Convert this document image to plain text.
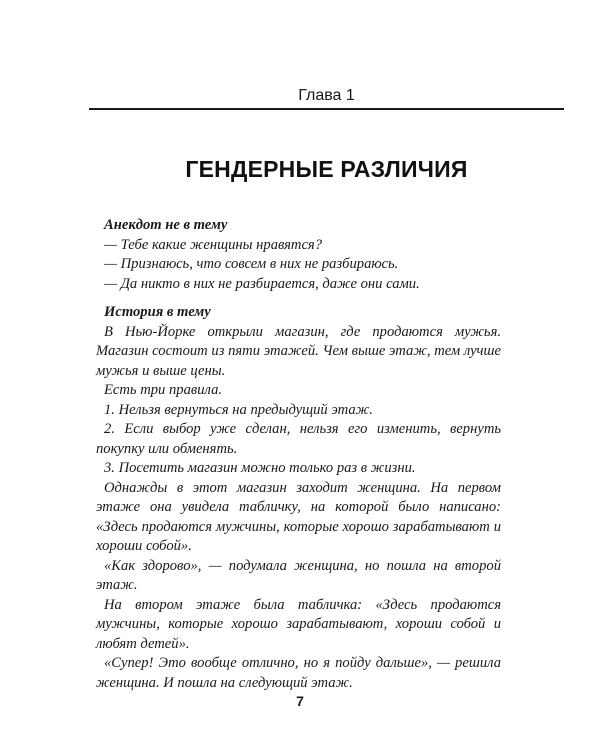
Глава 1
ГЕНДЕРНЫЕ РАЗЛИЧИЯ

Анекдот не в тему

— Тебе какие женщины нравятся?

— Признаюсь, что совсем в них не разбираюсь.

— Да никто в них не разбирается, даже они сами.

История в тему

В Нью-Йорке открыли магазин, где продаются мужья. Магазин состоит из пяти этажей. Чем выше этаж, тем лучше мужья и выше цены.

Есть три правила.

1. Нельзя вернуться на предыдущий этаж.

2. Если выбор уже сделан, нельзя его изменить, вернуть покупку или обменять.

3. Посетить магазин можно только раз в жизни.

Однажды в этот магазин заходит женщина. На первом этаже она увидела табличку, на которой было написано: «Здесь продаются мужчины, которые хорошо зарабатывают и хороши собой».

«Как здорово», — подумала женщина, но пошла на второй этаж.

На втором этаже была табличка: «Здесь продаются мужчины, которые хорошо зарабатывают, хороши собой и любят детей».

«Супер! Это вообще отлично, но я пойду дальше», — решила женщина. И пошла на следующий этаж.

7
